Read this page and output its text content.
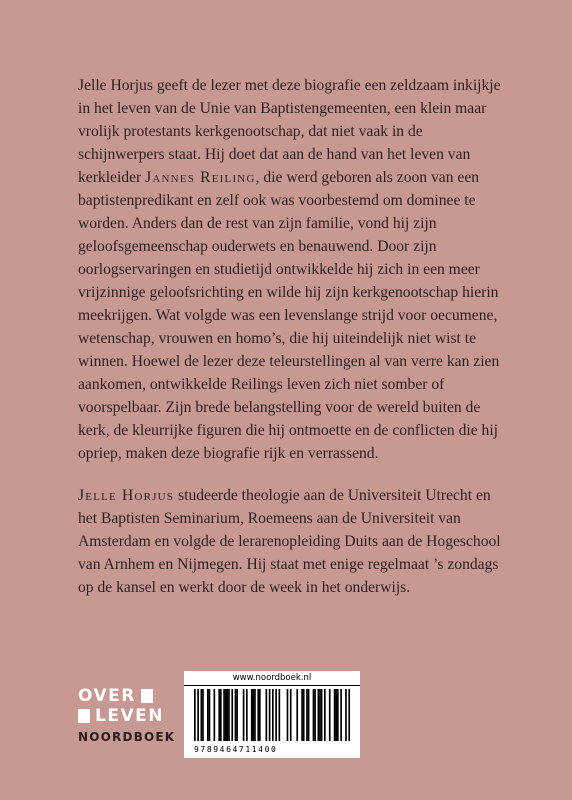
Jelle Horjus geeft de lezer met deze biografie een zeldzaam inkijkje in het leven van de Unie van Baptistengemeenten, een klein maar vrolijk protestants kerkgenootschap, dat niet vaak in de schijnwerpers staat. Hij doet dat aan de hand van het leven van kerkleider Jannes Reiling, die werd geboren als zoon van een baptistenpredikant en zelf ook was voorbestemd om dominee te worden. Anders dan de rest van zijn familie, vond hij zijn geloofsgemeenschap ouderwets en benauwend. Door zijn oorlogservaringen en studietijd ontwikkelde hij zich in een meer vrijzinnige geloofsrichting en wilde hij zijn kerkgenootschap hierin meekrijgen. Wat volgde was een levenslange strijd voor oecumene, wetenschap, vrouwen en homo’s, die hij uiteindelijk niet wist te winnen. Hoewel de lezer deze teleurstellingen al van verre kan zien aankomen, ontwikkelde Reilings leven zich niet somber of voorspelbaar. Zijn brede belangstelling voor de wereld buiten de kerk, de kleurrijke figuren die hij ontmoette en de conflicten die hij opriep, maken deze biografie rijk en verrassend.

Jelle Horjus studeerde theologie aan de Universiteit Utrecht en het Baptisten Seminarium, Roemeens aan de Universiteit van Amsterdam en volgde de lerarenopleiding Duits aan de Hogeschool van Arnhem en Nijmegen. Hij staat met enige regelmaat ’s zondags op de kansel en werkt door de week in het onderwijs.

OVER
LEVEN
NOORDBOEK
www.noordboek.nl
9789464711400
